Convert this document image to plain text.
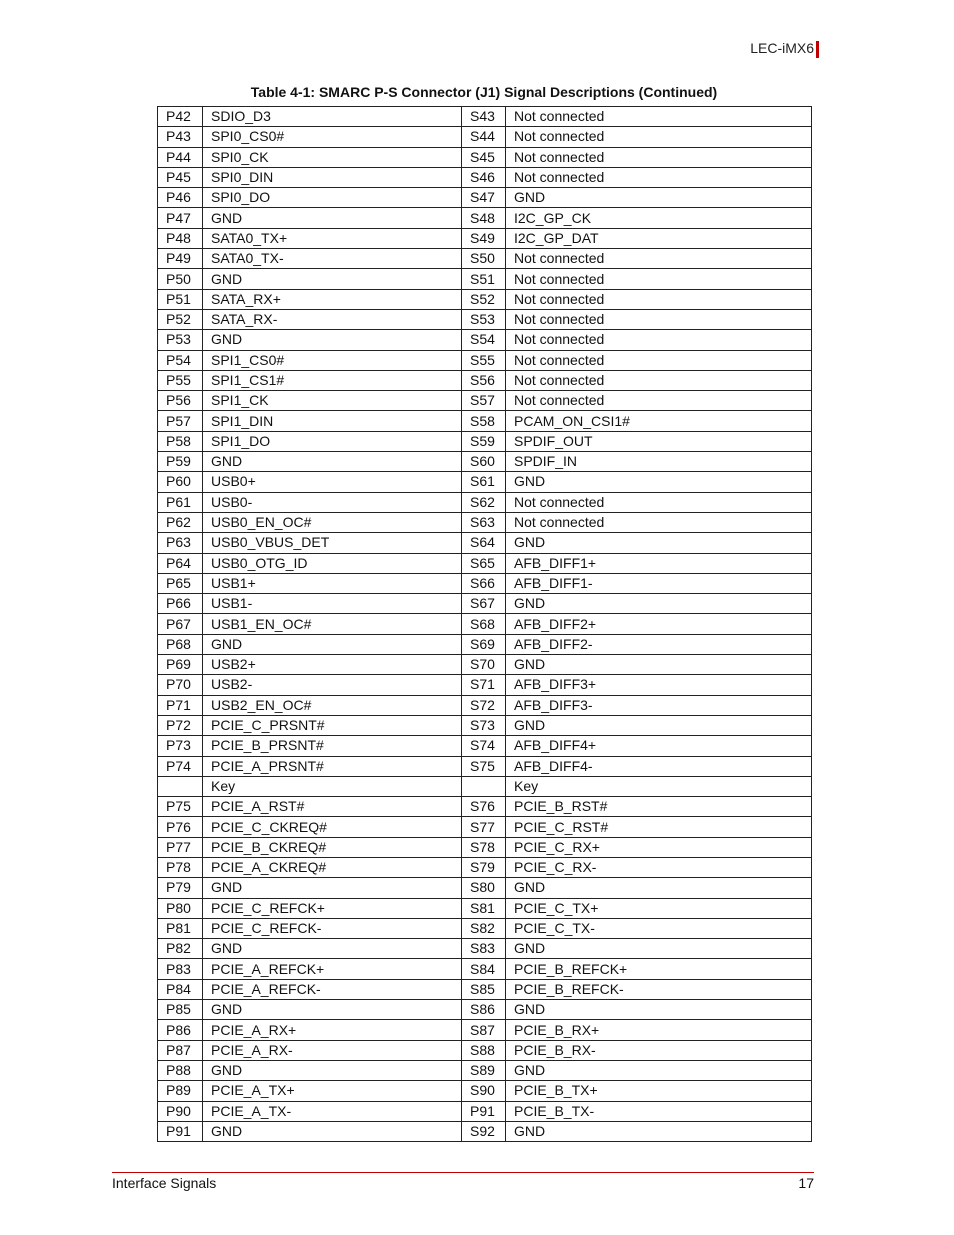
LEC-iMX6
Table 4-1: SMARC P-S Connector (J1) Signal Descriptions (Continued)
P42	SDIO_D3	S43	Not connected
P43	SPI0_CS0#	S44	Not connected
P44	SPI0_CK	S45	Not connected
P45	SPI0_DIN	S46	Not connected
P46	SPI0_DO	S47	GND
P47	GND	S48	I2C_GP_CK
P48	SATA0_TX+	S49	I2C_GP_DAT
P49	SATA0_TX-	S50	Not connected
P50	GND	S51	Not connected
P51	SATA_RX+	S52	Not connected
P52	SATA_RX-	S53	Not connected
P53	GND	S54	Not connected
P54	SPI1_CS0#	S55	Not connected
P55	SPI1_CS1#	S56	Not connected
P56	SPI1_CK	S57	Not connected
P57	SPI1_DIN	S58	PCAM_ON_CSI1#
P58	SPI1_DO	S59	SPDIF_OUT
P59	GND	S60	SPDIF_IN
P60	USB0+	S61	GND
P61	USB0-	S62	Not connected
P62	USB0_EN_OC#	S63	Not connected
P63	USB0_VBUS_DET	S64	GND
P64	USB0_OTG_ID	S65	AFB_DIFF1+
P65	USB1+	S66	AFB_DIFF1-
P66	USB1-	S67	GND
P67	USB1_EN_OC#	S68	AFB_DIFF2+
P68	GND	S69	AFB_DIFF2-
P69	USB2+	S70	GND
P70	USB2-	S71	AFB_DIFF3+
P71	USB2_EN_OC#	S72	AFB_DIFF3-
P72	PCIE_C_PRSNT#	S73	GND
P73	PCIE_B_PRSNT#	S74	AFB_DIFF4+
P74	PCIE_A_PRSNT#	S75	AFB_DIFF4-
	Key		Key
P75	PCIE_A_RST#	S76	PCIE_B_RST#
P76	PCIE_C_CKREQ#	S77	PCIE_C_RST#
P77	PCIE_B_CKREQ#	S78	PCIE_C_RX+
P78	PCIE_A_CKREQ#	S79	PCIE_C_RX-
P79	GND	S80	GND
P80	PCIE_C_REFCK+	S81	PCIE_C_TX+
P81	PCIE_C_REFCK-	S82	PCIE_C_TX-
P82	GND	S83	GND
P83	PCIE_A_REFCK+	S84	PCIE_B_REFCK+
P84	PCIE_A_REFCK-	S85	PCIE_B_REFCK-
P85	GND	S86	GND
P86	PCIE_A_RX+	S87	PCIE_B_RX+
P87	PCIE_A_RX-	S88	PCIE_B_RX-
P88	GND	S89	GND
P89	PCIE_A_TX+	S90	PCIE_B_TX+
P90	PCIE_A_TX-	P91	PCIE_B_TX-
P91	GND	S92	GND
Interface Signals	17
